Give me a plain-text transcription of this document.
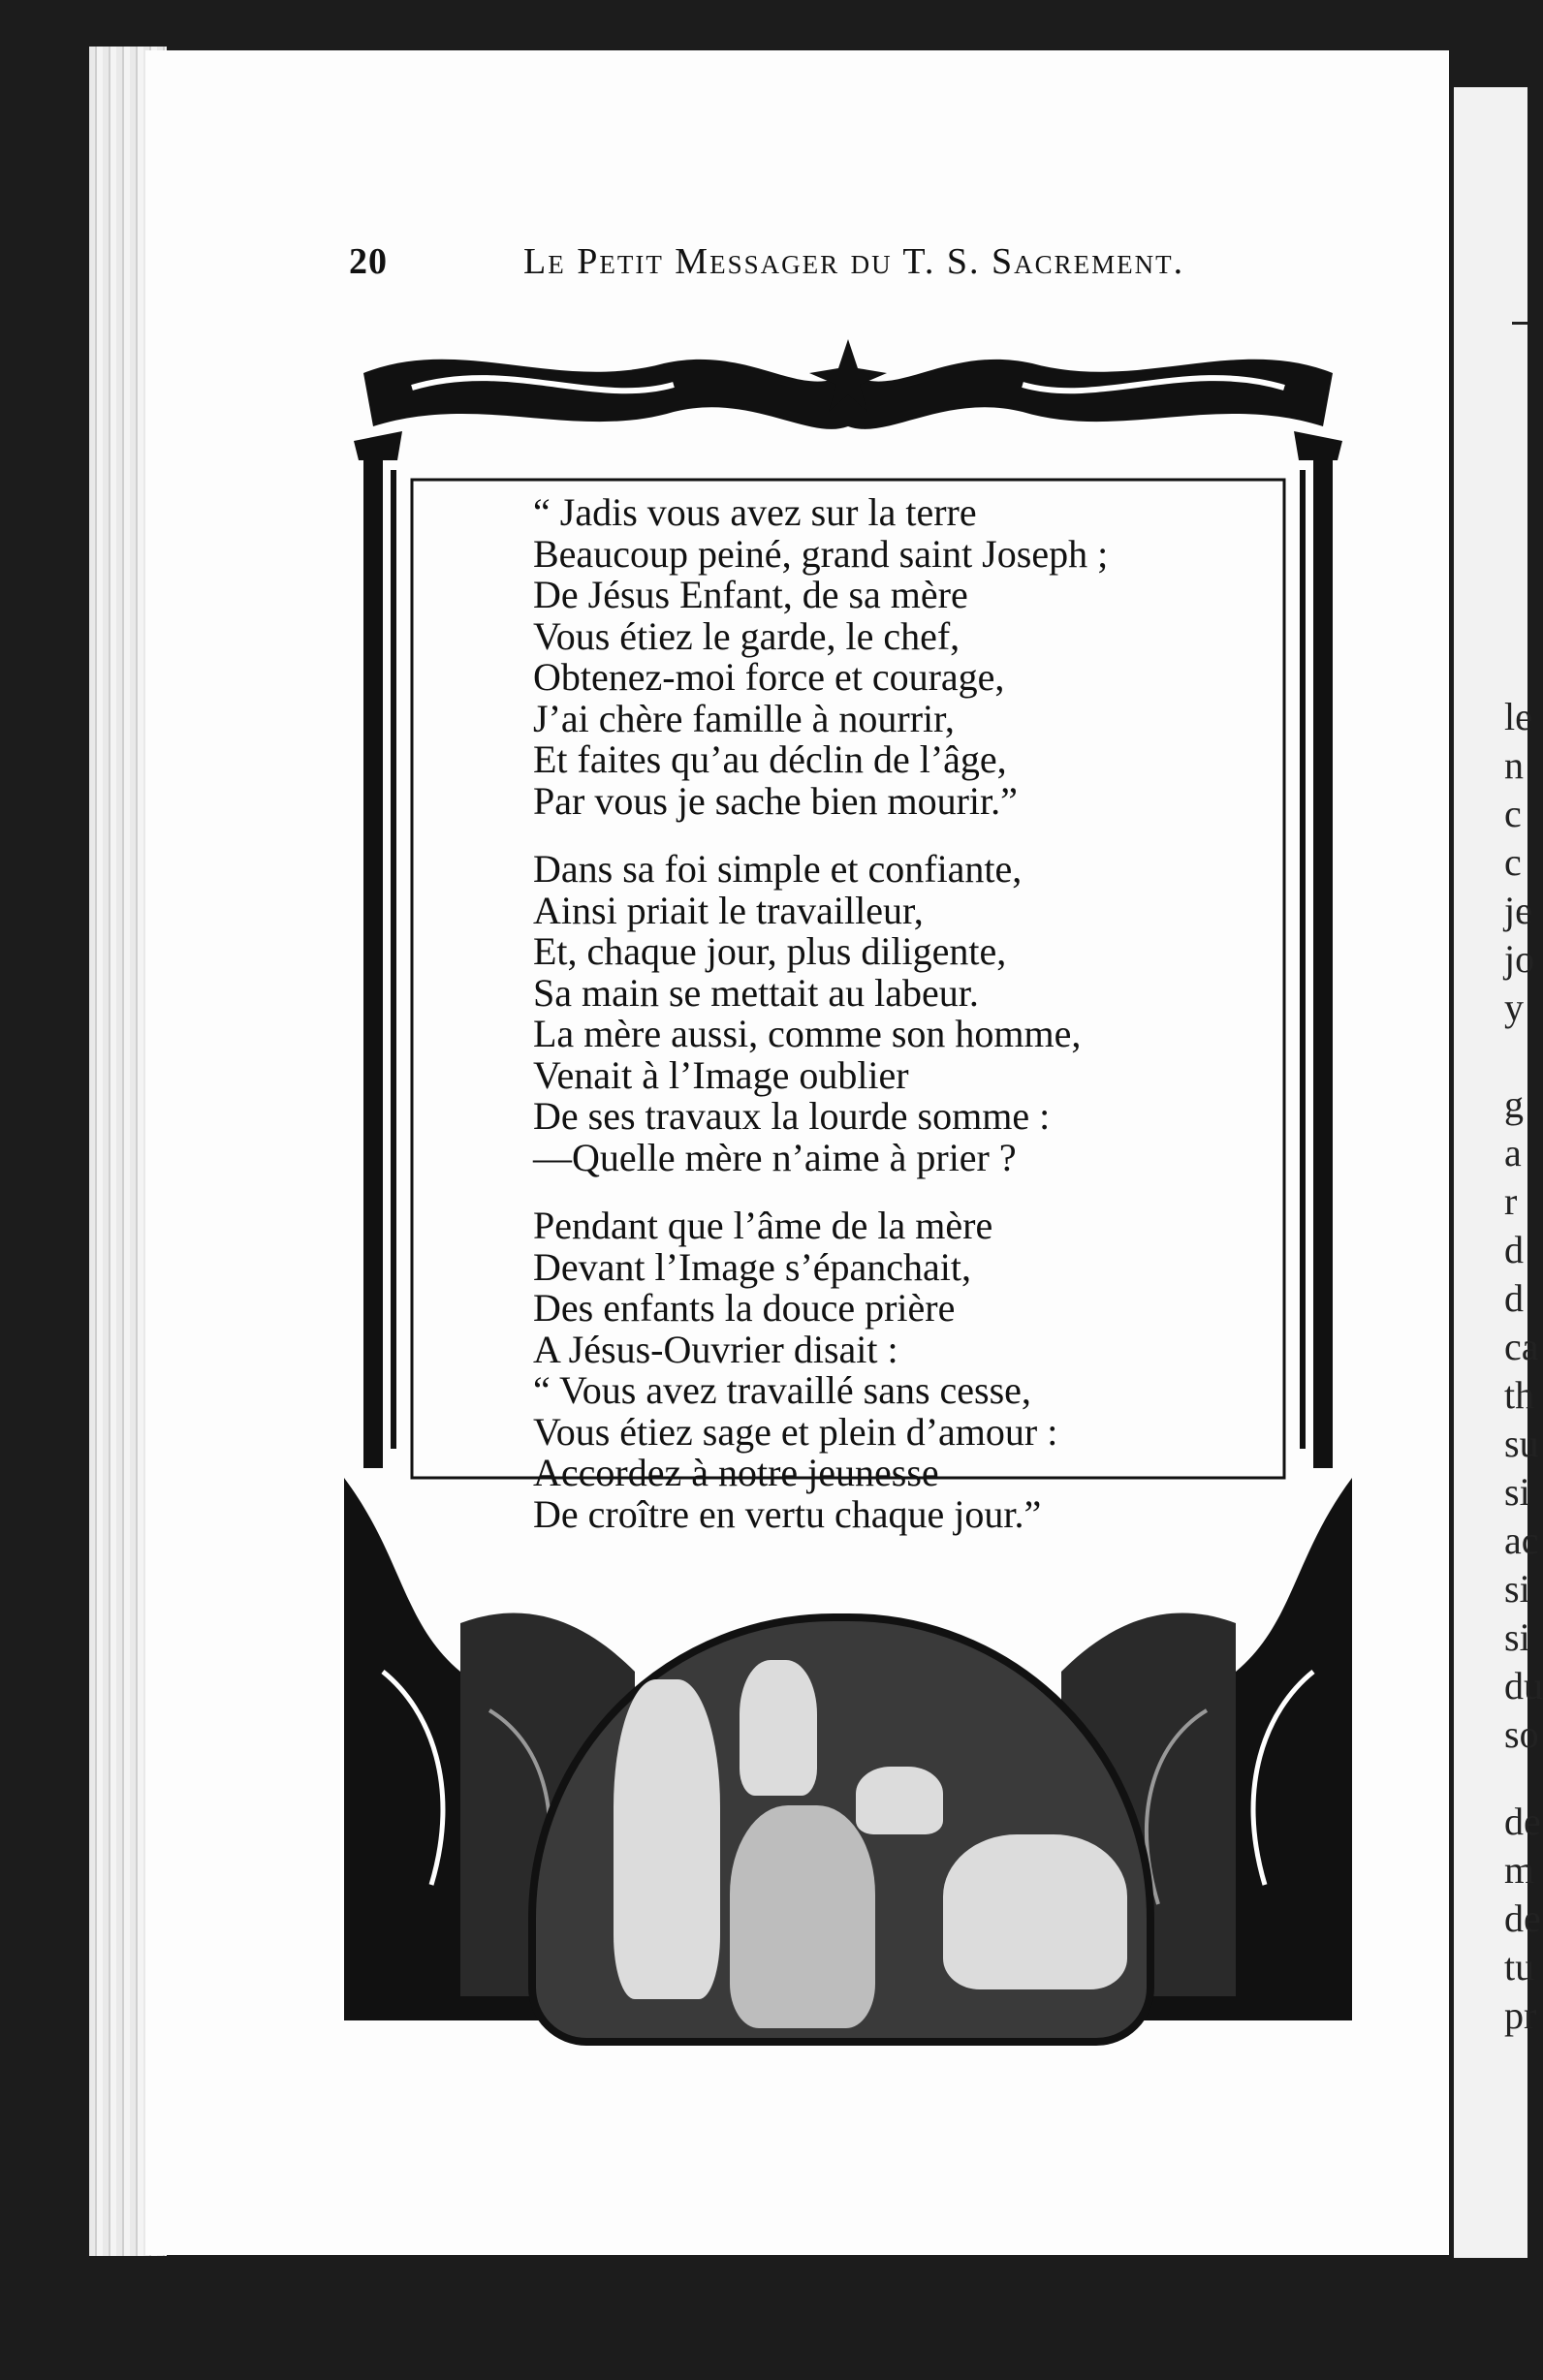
le
n
c
c
je
jo
y
g
a
r
d
d
ca
th
su
si
ac
si
si
du
so
de
m
de
tu
pr
20	Le Petit Messager du T. S. Sacrement.
“ Jadis vous avez sur la terre
Beaucoup peiné, grand saint Joseph ;
De Jésus Enfant, de sa mère
Vous étiez le garde, le chef,
Obtenez-moi force et courage,
J’ai chère famille à nourrir,
Et faites qu’au déclin de l’âge,
Par vous je sache bien mourir.”
Dans sa foi simple et confiante,
Ainsi priait le travailleur,
Et, chaque jour, plus diligente,
Sa main se mettait au labeur.
La mère aussi, comme son homme,
Venait à l’Image oublier
De ses travaux la lourde somme :
—Quelle mère n’aime à prier ?
Pendant que l’âme de la mère
Devant l’Image s’épanchait,
Des enfants la douce prière
A Jésus-Ouvrier disait :
“ Vous avez travaillé sans cesse,
Vous étiez sage et plein d’amour :
Accordez à notre jeunesse
De croître en vertu chaque jour.”
